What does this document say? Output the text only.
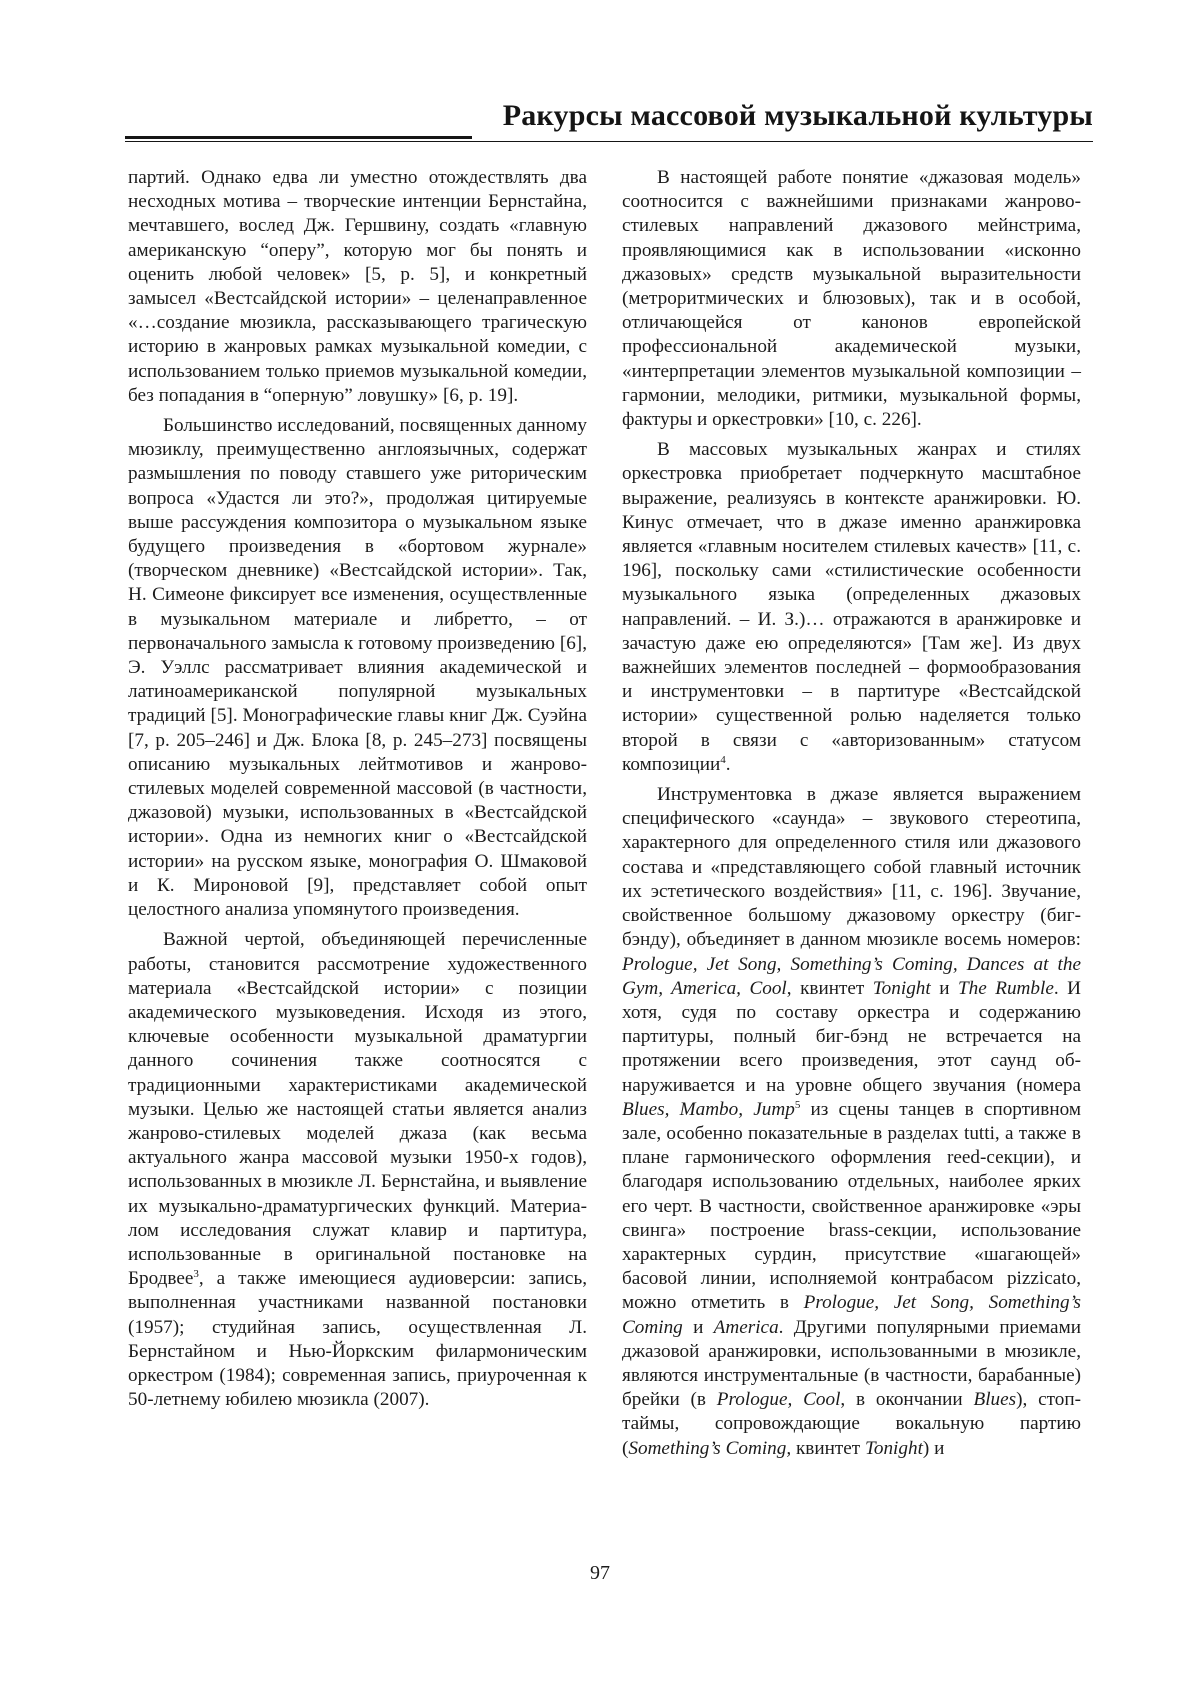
Ракурсы массовой музыкальной культуры

партий. Однако едва ли уместно отождествлять два несходных мотива – творческие интенции Бернстайна, мечтавшего, вослед Дж. Гершвину, создать «главную американскую “оперу”, которую мог бы понять и оценить любой человек» [5, p. 5], и конкретный замысел «Вестсайдской истории» – целенаправленное «…создание мюзикла, рассказывающего трагическую историю в жанровых рамках музыкальной комедии, с использованием только приемов музыкальной комедии, без попадания в “оперную” ловушку» [6, p. 19].

Большинство исследований, посвященных данному мюзиклу, преимущественно англоязычных, содержат размышления по поводу ставшего уже риторическим вопроса «Удастся ли это?», продолжая цитируемые выше рассуждения композитора о музыкальном языке будущего произведения в «бортовом журнале» (творческом дневнике) «Вестсайдской истории». Так, Н. Симеоне фиксирует все изменения, осуществленные в музыкальном материале и либретто, – от первоначального замысла к готовому произведению [6], Э. Уэллс рассматривает влияния академической и латиноамериканской популярной музыкальных традиций [5]. Монографические главы книг Дж. Суэйна [7, p. 205–246] и Дж. Блока [8, p. 245–273] посвящены описанию музыкальных лейтмотивов и жанрово-стилевых моделей современной массовой (в частности, джазовой) музыки, использованных в «Вестсайдской истории». Одна из немногих книг о «Вестсайдской истории» на русском языке, монография О. Шмаковой и К. Мироновой [9], представляет собой опыт целостного анализа упомянутого произведения.

Важной чертой, объединяющей перечисленные работы, становится рассмотрение художественного материала «Вестсайдской истории» с позиции академического музыковедения. Исходя из этого, ключевые особенности музыкальной драматургии данного сочинения также соотносятся с традиционными характеристиками академической музыки. Целью же настоящей статьи является анализ жанрово-стилевых моделей джаза (как весьма актуального жанра массовой музыки 1950-х годов), использованных в мюзикле Л. Бернстайна, и выявление их музыкально-драматургических функций. Материалом исследования служат клавир и партитура, использованные в оригинальной постановке на Бродвее$^3$, а также имеющиеся аудиоверсии: запись, выполненная участниками названной постановки (1957); студийная запись, осуществленная Л. Бернстайном и Нью-Йоркским филармоническим оркестром (1984); современная запись, приуроченная к 50-летнему юбилею мюзикла (2007).

В настоящей работе понятие «джазовая модель» соотносится с важнейшими признаками жанрово-стилевых направлений джазового мейнстрима, проявляющимися как в использовании «исконно джазовых» средств музыкальной выразительности (метроритмических и блюзовых), так и в особой, отличающейся от канонов европейской профессиональной академической музыки, «интерпретации элементов музыкальной композиции – гармонии, мелодики, ритмики, музыкальной формы, фактуры и оркестровки» [10, с. 226].

В массовых музыкальных жанрах и стилях оркестровка приобретает подчеркнуто масштабное выражение, реализуясь в контексте аранжировки. Ю. Кинус отмечает, что в джазе именно аранжировка является «главным носителем стилевых качеств» [11, с. 196], поскольку сами «стилистические особенности музыкального языка (определенных джазовых направлений. – И. З.)… отражаются в аранжировке и зачастую даже ею определяются» [Там же]. Из двух важнейших элементов последней – формообразования и инструментовки – в партитуре «Вестсайдской истории» существенной ролью наделяется только второй в связи с «авторизованным» статусом композиции$^4$.

Инструментовка в джазе является выражением специфического «саунда» – звукового стереотипа, характерного для определенного стиля или джазового состава и «представляющего собой главный источник их эстетического воздействия» [11, с. 196]. Звучание, свойственное большому джазовому оркестру (биг-бэнду), объединяет в данном мюзикле восемь номеров: Prologue, Jet Song, Something’s Coming, Dances at the Gym, America, Cool, квинтет Tonight и The Rumble. И хотя, судя по составу оркестра и содержанию партитуры, полный биг-бэнд не встречается на протяжении всего произведения, этот саунд обнаруживается и на уровне общего звучания (номера Blues, Mambo, Jump$^5$ из сцены танцев в спортивном зале, особенно показательные в разделах tutti, а также в плане гармонического оформления reed-секции), и благодаря использованию отдельных, наиболее ярких его черт. В частности, свойственное аранжировке «эры свинга» построение brass-секции, использование характерных сурдин, присутствие «шагающей» басовой линии, исполняемой контрабасом pizzicato, можно отметить в Prologue, Jet Song, Something’s Coming и America. Другими популярными приемами джазовой аранжировки, использованными в мюзикле, являются инструментальные (в частности, барабанные) брейки (в Prologue, Cool, в окончании Blues), стоп-таймы, сопровождающие вокальную партию (Something’s Coming, квинтет Tonight) и

97
